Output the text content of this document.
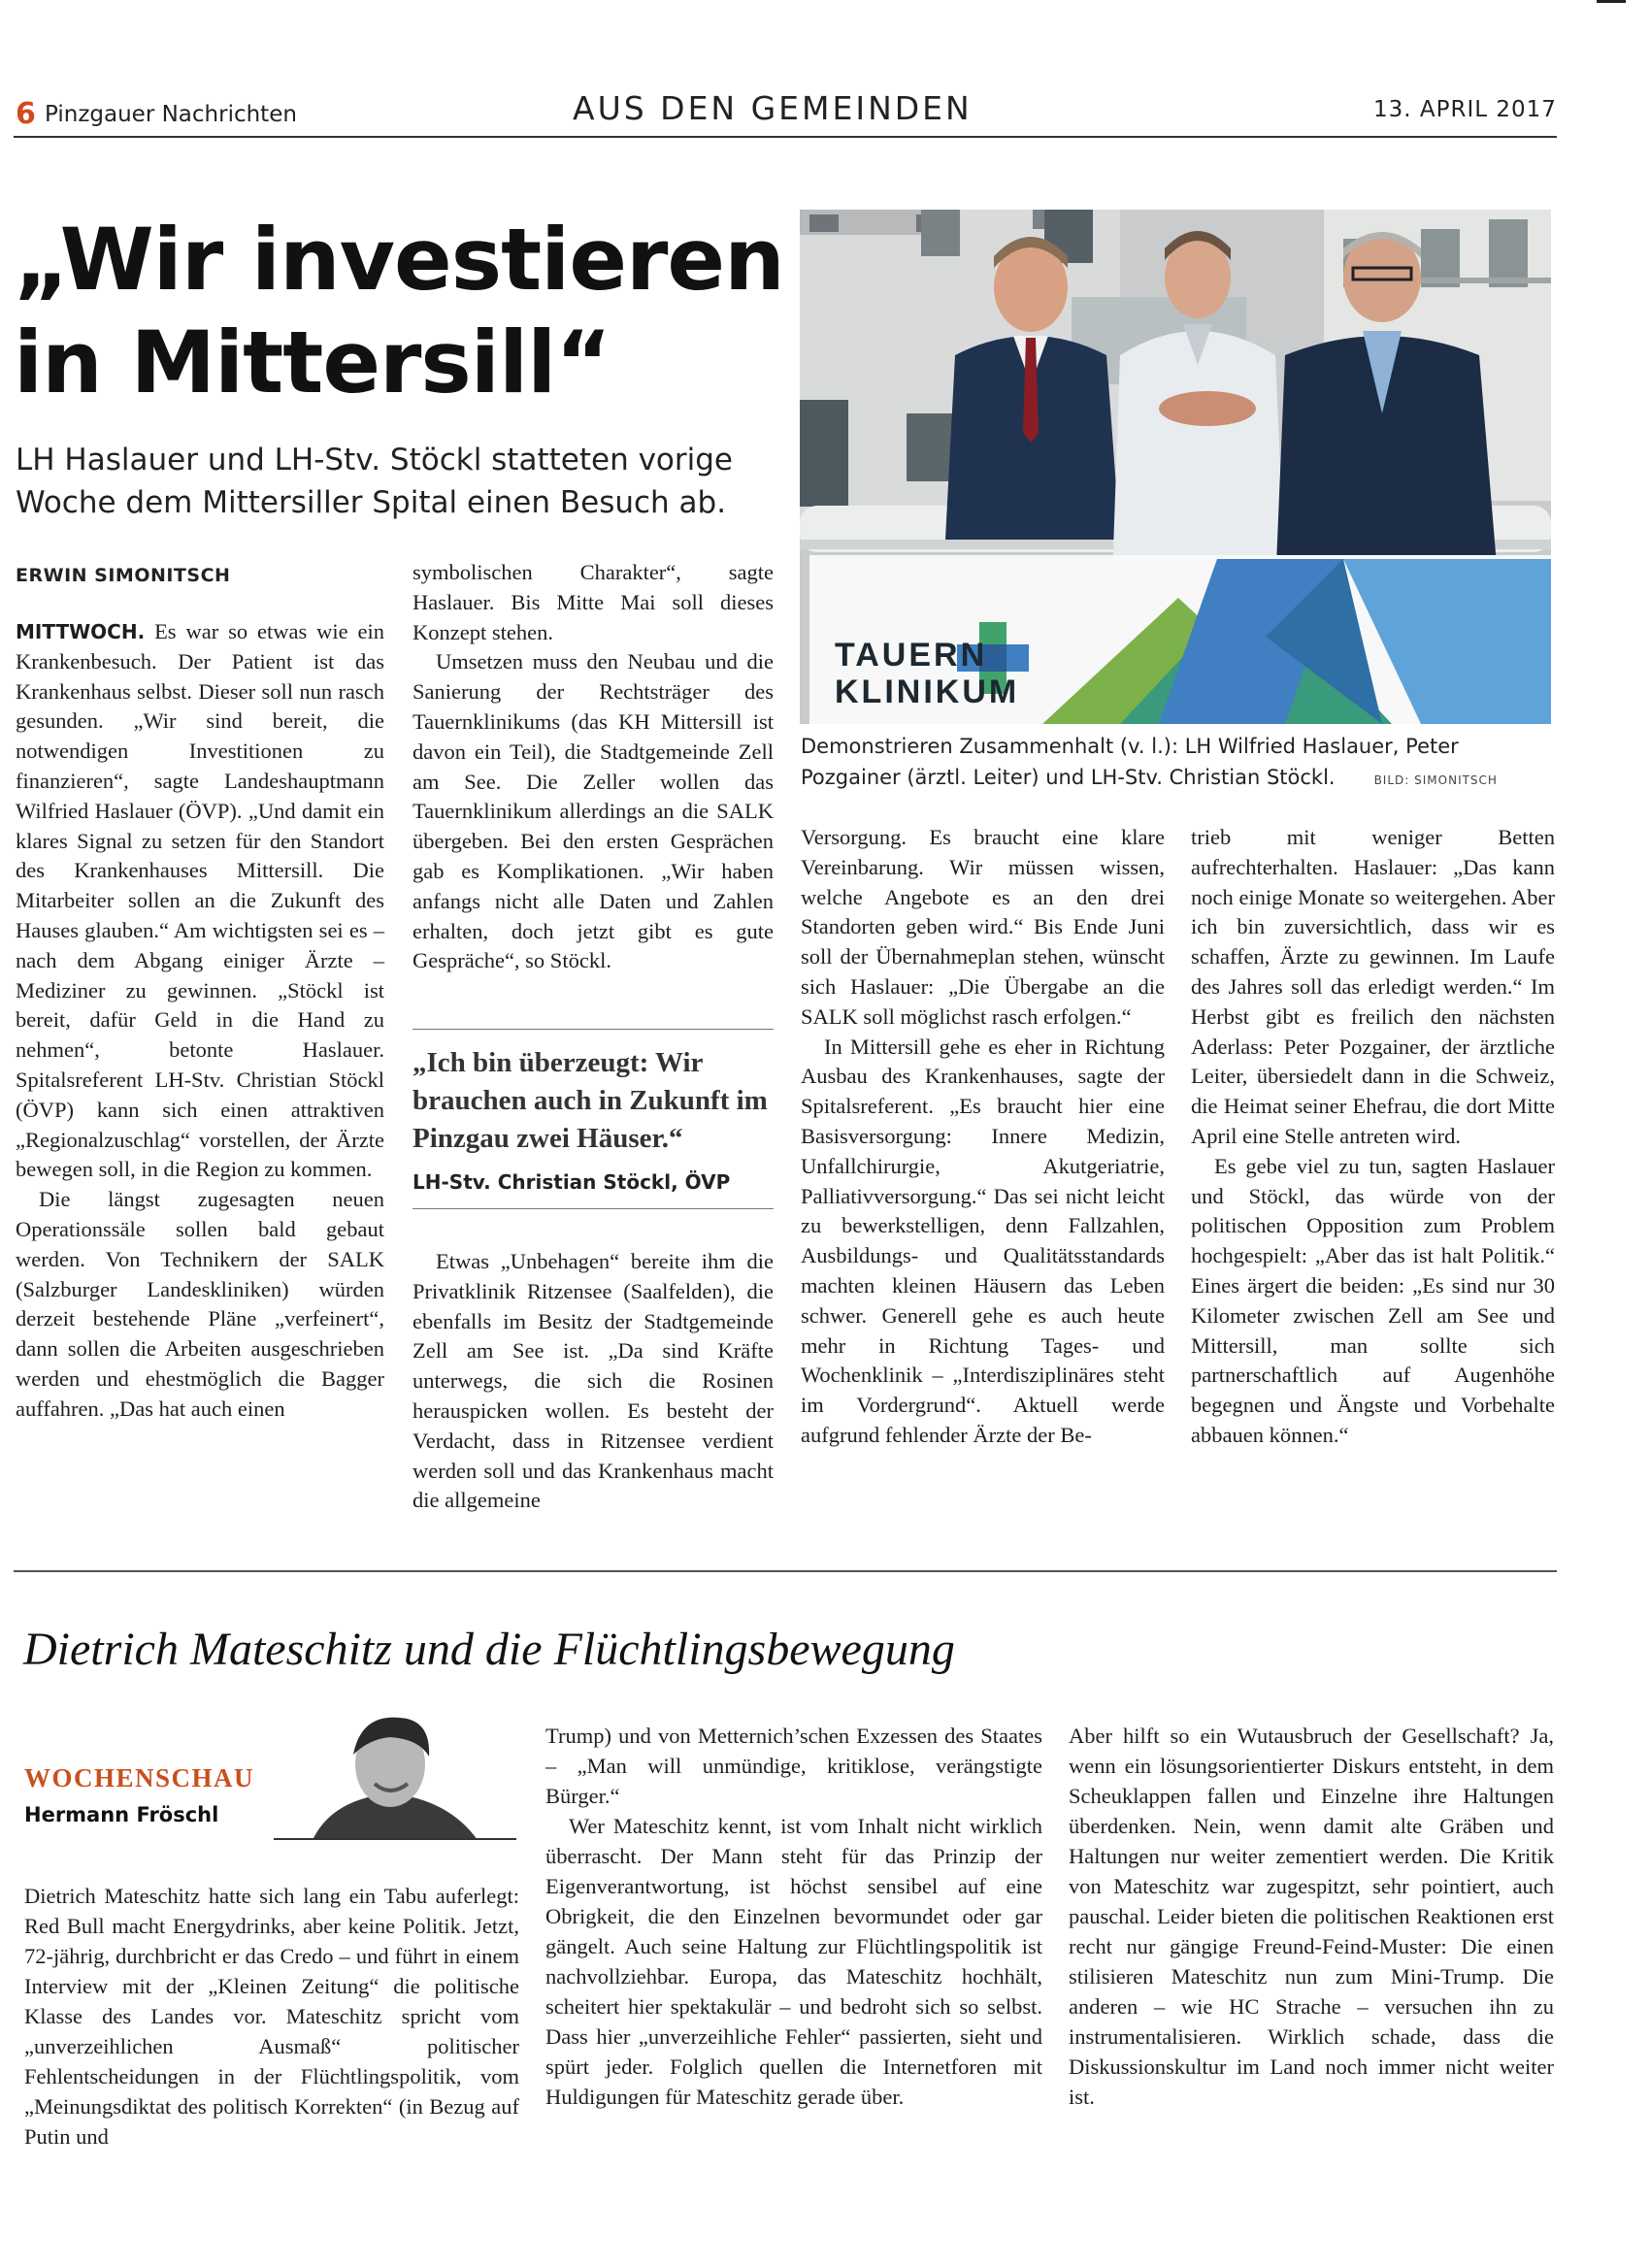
6 Pinzgauer Nachrichten	AUS DEN GEMEINDEN	13. APRIL 2017
„Wir investieren
in Mittersill“
LH Haslauer und LH-Stv. Stöckl statteten vorige Woche dem Mittersiller Spital einen Besuch ab.
TAUERN
KLINIKUM
Demonstrieren Zusammenhalt (v. l.): LH Wilfried Haslauer, Peter Pozgainer (ärztl. Leiter) und LH-Stv. Christian Stöckl.	BILD: SIMONITSCH
ERWIN SIMONITSCH

MITTWOCH. Es war so etwas wie ein Krankenbesuch. Der Patient ist das Krankenhaus selbst. Dieser soll nun rasch gesunden. „Wir sind bereit, die notwendigen Investitionen zu finanzieren“, sagte Landeshauptmann Wilfried Haslauer (ÖVP). „Und damit ein klares Signal zu setzen für den Standort des Krankenhauses Mittersill. Die Mitarbeiter sollen an die Zukunft des Hauses glauben.“ Am wichtigsten sei es – nach dem Abgang einiger Ärzte – Mediziner zu gewinnen. „Stöckl ist bereit, dafür Geld in die Hand zu nehmen“, betonte Haslauer. Spitalsreferent LH-Stv. Christian Stöckl (ÖVP) kann sich einen attraktiven „Regionalzuschlag“ vorstellen, der Ärzte bewegen soll, in die Region zu kommen.

Die längst zugesagten neuen Operationssäle sollen bald gebaut werden. Von Technikern der SALK (Salzburger Landeskliniken) würden derzeit bestehende Pläne „verfeinert“, dann sollen die Arbeiten ausgeschrieben werden und ehestmöglich die Bagger auffahren. „Das hat auch einen

symbolischen Charakter“, sagte Haslauer. Bis Mitte Mai soll dieses Konzept stehen.

Umsetzen muss den Neubau und die Sanierung der Rechtsträger des Tauernklinikums (das KH Mittersill ist davon ein Teil), die Stadtgemeinde Zell am See. Die Zeller wollen das Tauernklinikum allerdings an die SALK übergeben. Bei den ersten Gesprächen gab es Komplikationen. „Wir haben anfangs nicht alle Daten und Zahlen erhalten, doch jetzt gibt es gute Gespräche“, so Stöckl.

„Ich bin überzeugt: Wir brauchen auch in Zukunft im Pinzgau zwei Häuser.“
LH-Stv. Christian Stöckl, ÖVP

Etwas „Unbehagen“ bereite ihm die Privatklinik Ritzensee (Saalfelden), die ebenfalls im Besitz der Stadtgemeinde Zell am See ist. „Da sind Kräfte unterwegs, die sich die Rosinen herauspicken wollen. Es besteht der Verdacht, dass in Ritzensee verdient werden soll und das Krankenhaus macht die allgemeine

Versorgung. Es braucht eine klare Vereinbarung. Wir müssen wissen, welche Angebote es an den drei Standorten geben wird.“ Bis Ende Juni soll der Übernahmeplan stehen, wünscht sich Haslauer: „Die Übergabe an die SALK soll möglichst rasch erfolgen.“

In Mittersill gehe es eher in Richtung Ausbau des Krankenhauses, sagte der Spitalsreferent. „Es braucht hier eine Basisversorgung: Innere Medizin, Unfallchirurgie, Akutgeriatrie, Palliativversorgung.“ Das sei nicht leicht zu bewerkstelligen, denn Fallzahlen, Ausbildungs- und Qualitätsstandards machten kleinen Häusern das Leben schwer. Generell gehe es auch heute mehr in Richtung Tages- und Wochenklinik – „Interdisziplinäres steht im Vordergrund“. Aktuell werde aufgrund fehlender Ärzte der Be-

trieb mit weniger Betten aufrechterhalten. Haslauer: „Das kann noch einige Monate so weitergehen. Aber ich bin zuversichtlich, dass wir es schaffen, Ärzte zu gewinnen. Im Laufe des Jahres soll das erledigt werden.“ Im Herbst gibt es freilich den nächsten Aderlass: Peter Pozgainer, der ärztliche Leiter, übersiedelt dann in die Schweiz, die Heimat seiner Ehefrau, die dort Mitte April eine Stelle antreten wird.

Es gebe viel zu tun, sagten Haslauer und Stöckl, das würde von der politischen Opposition zum Problem hochgespielt: „Aber das ist halt Politik.“ Eines ärgert die beiden: „Es sind nur 30 Kilometer zwischen Zell am See und Mittersill, man sollte sich partnerschaftlich auf Augenhöhe begegnen und Ängste und Vorbehalte abbauen können.“

Dietrich Mateschitz und die Flüchtlingsbewegung
WOCHENSCHAU
Hermann Fröschl

Dietrich Mateschitz hatte sich lang ein Tabu auferlegt: Red Bull macht Energydrinks, aber keine Politik. Jetzt, 72-jährig, durchbricht er das Credo – und führt in einem Interview mit der „Kleinen Zeitung“ die politische Klasse des Landes vor. Mateschitz spricht vom „unverzeihlichen Ausmaß“ politischer Fehlentscheidungen in der Flüchtlingspolitik, vom „Meinungsdiktat des politisch Korrekten“ (in Bezug auf Putin und

Trump) und von Metternich’schen Exzessen des Staates – „Man will unmündige, kritiklose, verängstigte Bürger.“

Wer Mateschitz kennt, ist vom Inhalt nicht wirklich überrascht. Der Mann steht für das Prinzip der Eigenverantwortung, ist höchst sensibel auf eine Obrigkeit, die den Einzelnen bevormundet oder gar gängelt. Auch seine Haltung zur Flüchtlingspolitik ist nachvollziehbar. Europa, das Mateschitz hochhält, scheitert hier spektakulär – und bedroht sich so selbst. Dass hier „unverzeihliche Fehler“ passierten, sieht und spürt jeder. Folglich quellen die Internetforen mit Huldigungen für Mateschitz gerade über.

Aber hilft so ein Wutausbruch der Gesellschaft? Ja, wenn ein lösungsorientierter Diskurs entsteht, in dem Scheuklappen fallen und Einzelne ihre Haltungen überdenken. Nein, wenn damit alte Gräben und Haltungen nur weiter zementiert werden. Die Kritik von Mateschitz war zugespitzt, sehr pointiert, auch pauschal. Leider bieten die politischen Reaktionen erst recht nur gängige Freund-Feind-Muster: Die einen stilisieren Mateschitz nun zum Mini-Trump. Die anderen – wie HC Strache – versuchen ihn zu instrumentalisieren. Wirklich schade, dass die Diskussionskultur im Land noch immer nicht weiter ist.
